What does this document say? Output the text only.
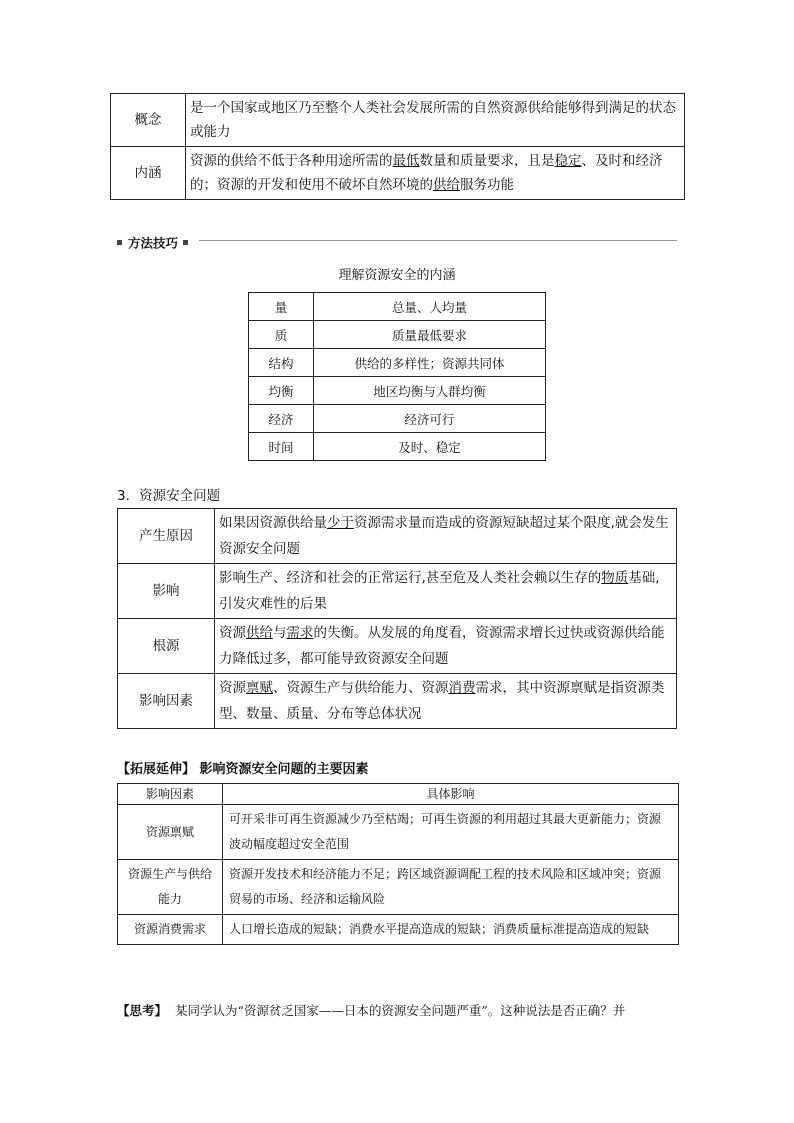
概念	是一个国家或地区乃至整个人类社会发展所需的自然资源供给能够得到满足的状态或能力
内涵	资源的供给不低于各种用途所需的最低数量和质量要求，且是稳定、及时和经济的；资源的开发和使用不破坏自然环境的供给服务功能
方法技巧
理解资源安全的内涵
量	总量、人均量
质	质量最低要求
结构	供给的多样性；资源共同体
均衡	地区均衡与人群均衡
经济	经济可行
时间	及时、稳定
3．资源安全问题
产生原因	如果因资源供给量少于资源需求量而造成的资源短缺超过某个限度,就会发生资源安全问题
影响	影响生产、经济和社会的正常运行,甚至危及人类社会赖以生存的物质基础,引发灾难性的后果
根源	资源供给与需求的失衡。从发展的角度看，资源需求增长过快或资源供给能力降低过多，都可能导致资源安全问题
影响因素	资源禀赋、资源生产与供给能力、资源消费需求，其中资源禀赋是指资源类型、数量、质量、分布等总体状况
【拓展延伸】 影响资源安全问题的主要因素
影响因素	具体影响
资源禀赋	可开采非可再生资源减少乃至枯竭；可再生资源的利用超过其最大更新能力；资源波动幅度超过安全范围
资源生产与供给能力	资源开发技术和经济能力不足；跨区域资源调配工程的技术风险和区域冲突；资源贸易的市场、经济和运输风险
资源消费需求	人口增长造成的短缺；消费水平提高造成的短缺；消费质量标准提高造成的短缺
【思考】 某同学认为“资源贫乏国家——日本的资源安全问题严重”。这种说法是否正确？并
